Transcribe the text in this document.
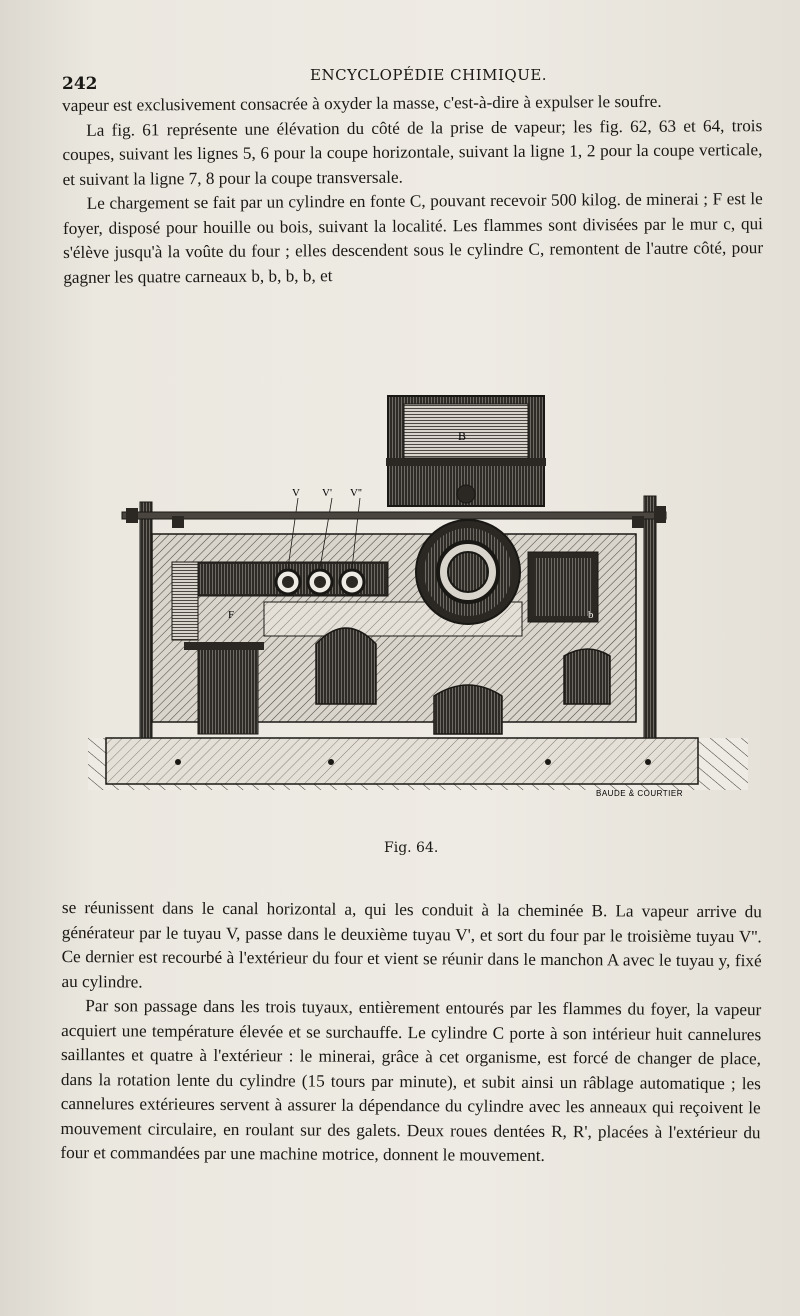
242	ENCYCLOPÉDIE CHIMIQUE.

vapeur est exclusivement consacrée à oxyder la masse, c'est-à-dire à expulser le soufre.

La fig. 61 représente une élévation du côté de la prise de vapeur; les fig. 62, 63 et 64, trois coupes, suivant les lignes 5, 6 pour la coupe horizontale, suivant la ligne 1, 2 pour la coupe verticale, et suivant la ligne 7, 8 pour la coupe transversale.

Le chargement se fait par un cylindre en fonte C, pouvant recevoir 500 kilog. de minerai ; F est le foyer, disposé pour houille ou bois, suivant la localité. Les flammes sont divisées par le mur c, qui s'élève jusqu'à la voûte du four ; elles descendent sous le cylindre C, remontent de l'autre côté, pour gagner les quatre carneaux b, b, b, b, et

F
V V' V''
b
B
BAUDE & COURTIER
Fig. 64.

se réunissent dans le canal horizontal a, qui les conduit à la cheminée B. La vapeur arrive du générateur par le tuyau V, passe dans le deuxième tuyau V', et sort du four par le troisième tuyau V''. Ce dernier est recourbé à l'extérieur du four et vient se réunir dans le manchon A avec le tuyau y, fixé au cylindre.

Par son passage dans les trois tuyaux, entièrement entourés par les flammes du foyer, la vapeur acquiert une température élevée et se surchauffe. Le cylindre C porte à son intérieur huit cannelures saillantes et quatre à l'extérieur : le minerai, grâce à cet organisme, est forcé de changer de place, dans la rotation lente du cylindre (15 tours par minute), et subit ainsi un râblage automatique ; les cannelures extérieures servent à assurer la dépendance du cylindre avec les anneaux qui reçoivent le mouvement circulaire, en roulant sur des galets. Deux roues dentées R, R', placées à l'extérieur du four et commandées par une machine motrice, donnent le mouvement.
